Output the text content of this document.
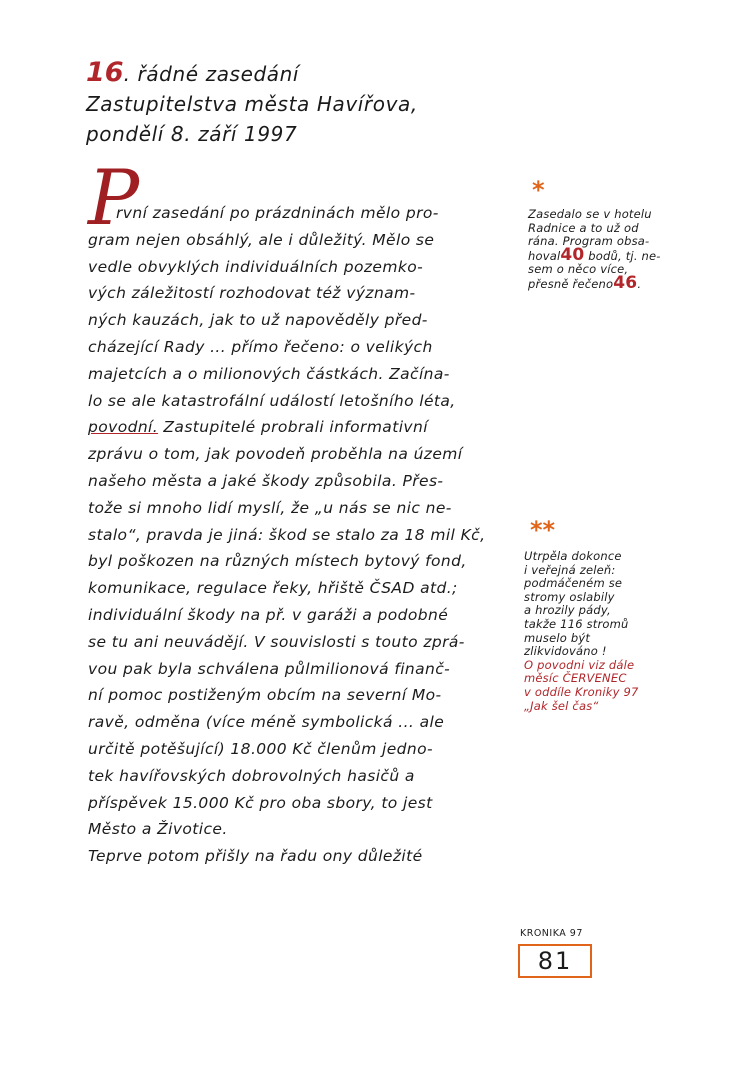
16. řádné zasedání
Zastupitelstva města Havířova,
pondělí 8. září 1997
P
rvní zasedání po prázdninách mělo pro-
gram nejen obsáhlý, ale i důležitý. Mělo se
vedle obvyklých individuálních pozemko-
vých záležitostí rozhodovat též význam-
ných kauzách, jak to už napověděly před-
cházející Rady ... přímo řečeno: o velikých
majetcích a o milionových částkách. Začína-
lo se ale katastrofální událostí letošního léta,
povodní. Zastupitelé probrali informativní
zprávu o tom, jak povodeň proběhla na území
našeho města a jaké škody způsobila. Přes-
tože si mnoho lidí myslí, že „u nás se nic ne-
stalo“, pravda je jiná: škod se stalo za 18 mil Kč,
byl poškozen na různých místech bytový fond,
komunikace, regulace řeky, hřiště ČSAD atd.;
individuální škody na př. v garáži a podobné
se tu ani neuvádějí. V souvislosti s touto zprá-
vou pak byla schválena půlmilionová finanč-
ní pomoc postiženým obcím na severní Mo-
ravě, odměna (více méně symbolická ... ale
určitě potěšující) 18.000 Kč členům jedno-
tek havířovských dobrovolných hasičů a
příspěvek 15.000 Kč pro oba sbory, to jest
Město a Životice.
Teprve potom přišly na řadu ony důležité
*
Zasedalo se v hotelu
Radnice a to už od
rána. Program obsa-
hoval40 bodů, tj. ne-
sem o něco více,
přesně řečeno46.
**
Utrpěla dokonce
i veřejná zeleň:
podmáčeném se
stromy oslabily
a hrozily pády,
takže 116 stromů
muselo být
zlikvidováno !
O povodni viz dále
měsíc ČERVENEC
v oddíle Kroniky 97
„Jak šel čas“
KRONIKA 97
81
